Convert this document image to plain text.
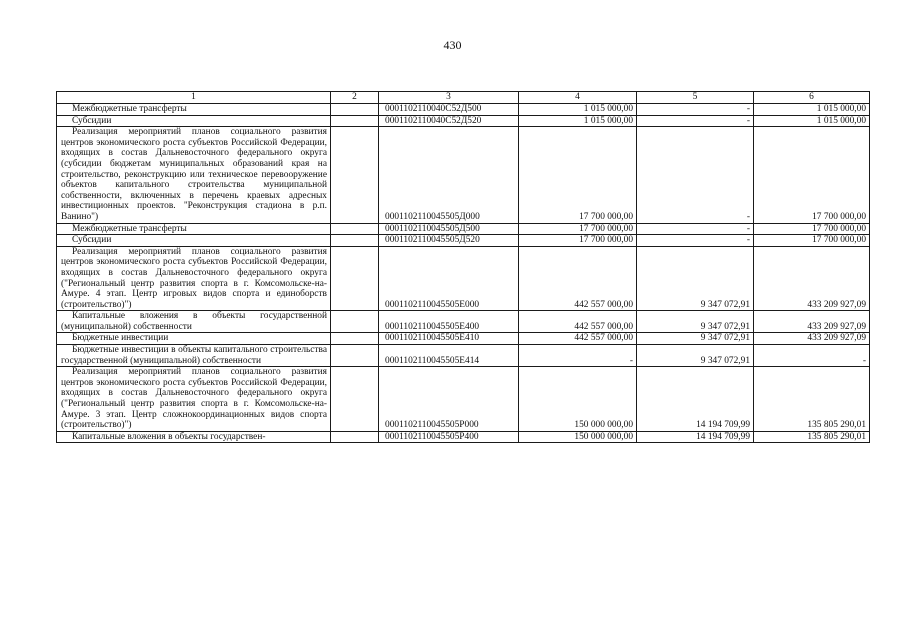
430
1	2	3	4	5	6
Межбюджетные трансферты		0001102110040С52Д500	1 015 000,00	-	1 015 000,00
Субсидии		0001102110040С52Д520	1 015 000,00	-	1 015 000,00
Реализация мероприятий планов социального развития центров экономического роста субъектов Российской Федерации, входящих в состав Дальневосточного федерального округа (субсидии бюджетам муниципальных образований края на строительство, реконструкцию или техническое перевооружение объектов капитального строительства муниципальной собственности, включенных в перечень краевых адресных инвестиционных проектов. "Реконструкция стадиона в р.п. Ванино")		0001102110045505Д000	17 700 000,00	-	17 700 000,00
Межбюджетные трансферты		0001102110045505Д500	17 700 000,00	-	17 700 000,00
Субсидии		0001102110045505Д520	17 700 000,00	-	17 700 000,00
Реализация мероприятий планов социального развития центров экономического роста субъектов Российской Федерации, входящих в состав Дальневосточного федерального округа ("Региональный центр развития спорта в г. Комсомольске-на-Амуре. 4 этап. Центр игровых видов спорта и единоборств (строительство)")		0001102110045505Е000	442 557 000,00	9 347 072,91	433 209 927,09
Капитальные вложения в объекты государственной (муниципальной) собственности		0001102110045505Е400	442 557 000,00	9 347 072,91	433 209 927,09
Бюджетные инвестиции		0001102110045505Е410	442 557 000,00	9 347 072,91	433 209 927,09
Бюджетные инвестиции в объекты капитального строительства государственной (муниципальной) собственности		0001102110045505Е414	-	9 347 072,91	-
Реализация мероприятий планов социального развития центров экономического роста субъектов Российской Федерации, входящих в состав Дальневосточного федерального округа ("Региональный центр развития спорта в г. Комсомольске-на-Амуре. 3 этап. Центр сложнокоординационных видов спорта (строительство)")		0001102110045505Р000	150 000 000,00	14 194 709,99	135 805 290,01
Капитальные вложения в объекты государствен-		0001102110045505Р400	150 000 000,00	14 194 709,99	135 805 290,01
